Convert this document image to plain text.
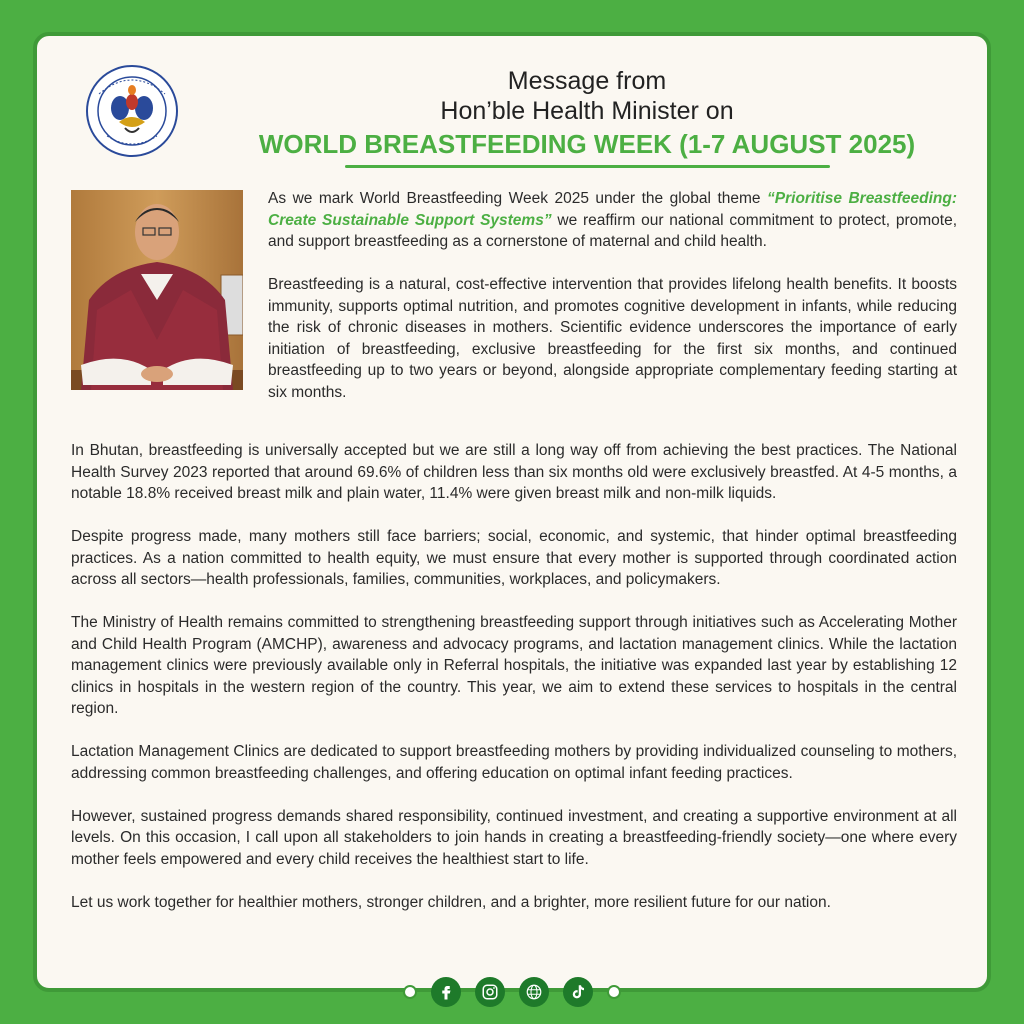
Message from
Hon’ble Health Minister on
WORLD BREASTFEEDING WEEK (1-7 AUGUST 2025)

As we mark World Breastfeeding Week 2025 under the global theme “Prioritise Breastfeeding: Create Sustainable Support Systems” we reaffirm our national commitment to protect, promote, and support breastfeeding as a cornerstone of maternal and child health.

Breastfeeding is a natural, cost-effective intervention that provides lifelong health benefits. It boosts immunity, supports optimal nutrition, and promotes cognitive development in infants, while reducing the risk of chronic diseases in mothers. Scientific evidence underscores the importance of early initiation of breastfeeding, exclusive breastfeeding for the first six months, and continued breastfeeding up to two years or beyond, alongside appropriate complementary feeding starting at six months.

In Bhutan, breastfeeding is universally accepted but we are still a long way off from achieving the best practices. The National Health Survey 2023 reported that around 69.6% of children less than six months old were exclusively breastfed. At 4-5 months, a notable 18.8% received breast milk and plain water, 11.4% were given breast milk and non-milk liquids.

Despite progress made, many mothers still face barriers; social, economic, and systemic, that hinder optimal breastfeeding practices. As a nation committed to health equity, we must ensure that every mother is supported through coordinated action across all sectors—health professionals, families, communities, workplaces, and policymakers.

The Ministry of Health remains committed to strengthening breastfeeding support through initiatives such as Accelerating Mother and Child Health Program (AMCHP), awareness and advocacy programs, and lactation management clinics. While the lactation management clinics were previously available only in Referral hospitals, the initiative was expanded last year by establishing 12 clinics in hospitals in the western region of the country. This year, we aim to extend these services to hospitals in the central region.

Lactation Management Clinics are dedicated to support breastfeeding mothers by providing individualized counseling to mothers, addressing common breastfeeding challenges, and offering education on optimal infant feeding practices.

However, sustained progress demands shared responsibility, continued investment, and creating a supportive environment at all levels. On this occasion, I call upon all stakeholders to join hands in creating a breastfeeding-friendly society—one where every mother feels empowered and every child receives the healthiest start to life.

Let us work together for healthier mothers, stronger children, and a brighter, more resilient future for our nation.
